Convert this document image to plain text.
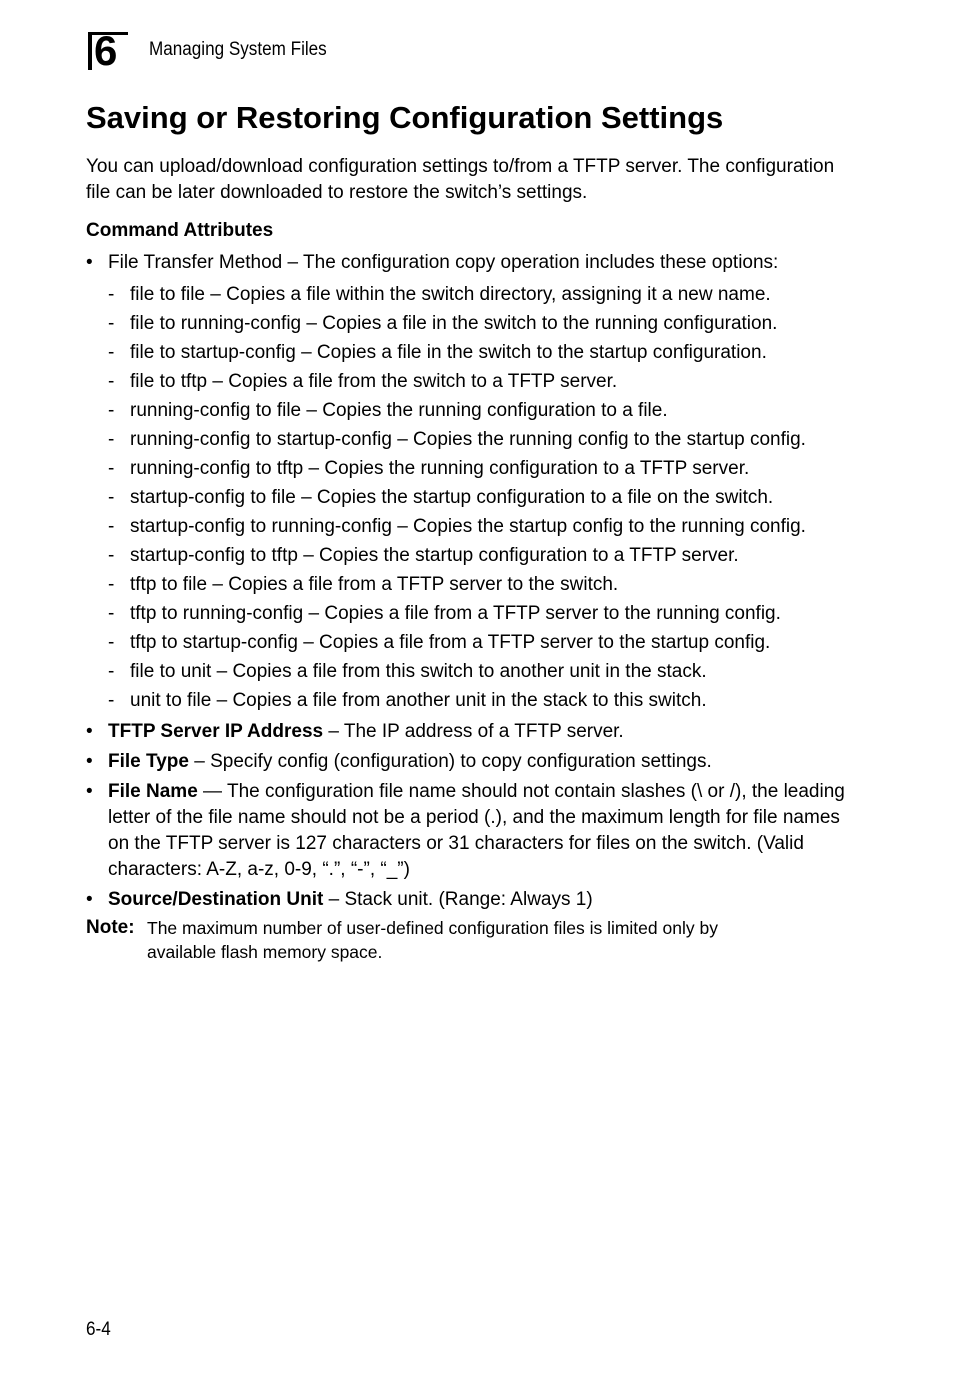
6 Managing System Files
Saving or Restoring Configuration Settings

You can upload/download configuration settings to/from a TFTP server. The configuration file can be later downloaded to restore the switch’s settings.

Command Attributes

• File Transfer Method – The configuration copy operation includes these options:
- file to file – Copies a file within the switch directory, assigning it a new name.
- file to running-config – Copies a file in the switch to the running configuration.
- file to startup-config – Copies a file in the switch to the startup configuration.
- file to tftp – Copies a file from the switch to a TFTP server.
- running-config to file – Copies the running configuration to a file.
- running-config to startup-config – Copies the running config to the startup config.
- running-config to tftp – Copies the running configuration to a TFTP server.
- startup-config to file – Copies the startup configuration to a file on the switch.
- startup-config to running-config – Copies the startup config to the running config.
- startup-config to tftp – Copies the startup configuration to a TFTP server.
- tftp to file – Copies a file from a TFTP server to the switch.
- tftp to running-config – Copies a file from a TFTP server to the running config.
- tftp to startup-config – Copies a file from a TFTP server to the startup config.
- file to unit – Copies a file from this switch to another unit in the stack.
- unit to file – Copies a file from another unit in the stack to this switch.
• TFTP Server IP Address – The IP address of a TFTP server.
• File Type – Specify config (configuration) to copy configuration settings.
• File Name — The configuration file name should not contain slashes (\ or /), the leading letter of the file name should not be a period (.), and the maximum length for file names on the TFTP server is 127 characters or 31 characters for files on the switch. (Valid characters: A-Z, a-z, 0-9, “.”, “-”, “_”)
• Source/Destination Unit – Stack unit. (Range: Always 1)
Note: The maximum number of user-defined configuration files is limited only by available flash memory space.
6-4
